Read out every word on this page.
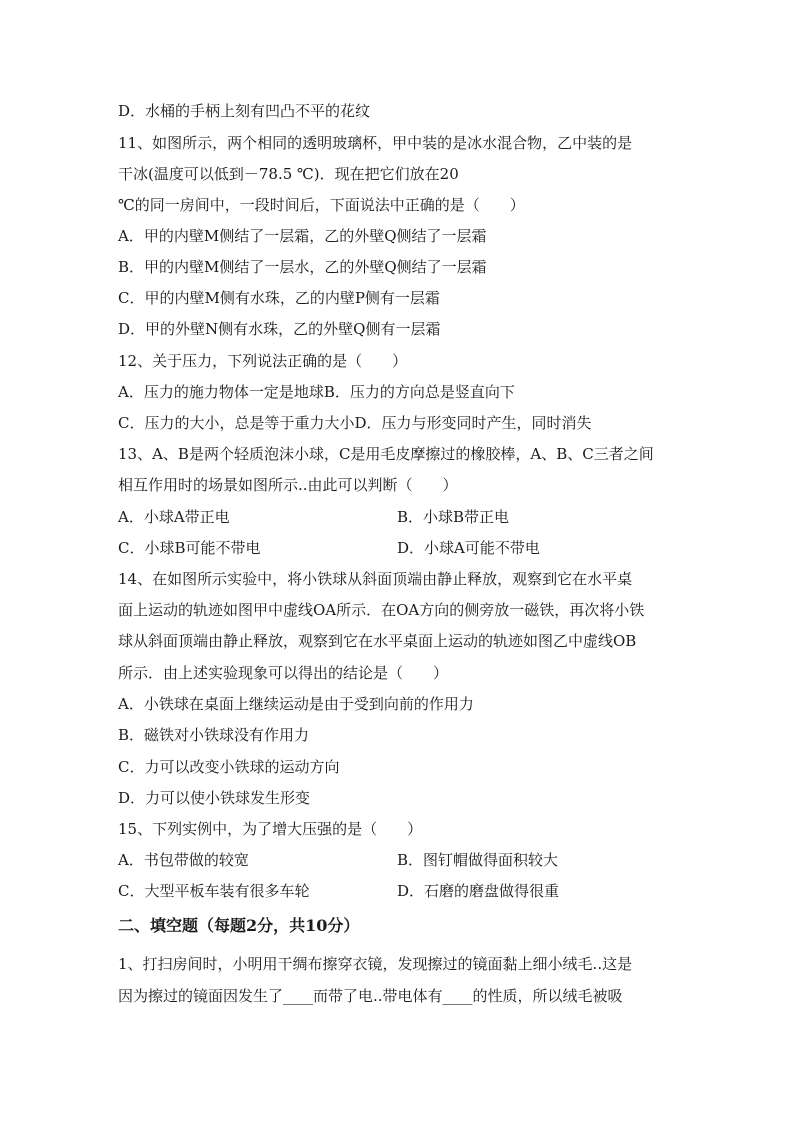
D．水桶的手柄上刻有凹凸不平的花纹
11、如图所示，两个相同的透明玻璃杯，甲中装的是冰水混合物，乙中装的是
干冰(温度可以低到－78.5 ℃)．现在把它们放在20
℃的同一房间中，一段时间后，下面说法中正确的是（　　）
A．甲的内壁M侧结了一层霜，乙的外壁Q侧结了一层霜
B．甲的内壁M侧结了一层水，乙的外壁Q侧结了一层霜
C．甲的内壁M侧有水珠，乙的内壁P侧有一层霜
D．甲的外壁N侧有水珠，乙的外壁Q侧有一层霜
12、关于压力，下列说法正确的是（　　）
A．压力的施力物体一定是地球B．压力的方向总是竖直向下
C．压力的大小，总是等于重力大小D．压力与形变同时产生，同时消失
13、A、B是两个轻质泡沫小球，C是用毛皮摩擦过的橡胶棒，A、B、C三者之间
相互作用时的场景如图所示..由此可以判断（　　）
A．小球A带正电	B．小球B带正电
C．小球B可能不带电	D．小球A可能不带电
14、在如图所示实验中，将小铁球从斜面顶端由静止释放，观察到它在水平桌
面上运动的轨迹如图甲中虚线OA所示．在OA方向的侧旁放一磁铁，再次将小铁
球从斜面顶端由静止释放，观察到它在水平桌面上运动的轨迹如图乙中虚线OB
所示．由上述实验现象可以得出的结论是（　　）
A．小铁球在桌面上继续运动是由于受到向前的作用力
B．磁铁对小铁球没有作用力
C．力可以改变小铁球的运动方向
D．力可以使小铁球发生形变
15、下列实例中，为了增大压强的是（　　）
A．书包带做的较宽	B．图钉帽做得面积较大
C．大型平板车装有很多车轮	D．石磨的磨盘做得很重
二、填空题（每题2分，共10分）
1、打扫房间时，小明用干绸布擦穿衣镜，发现擦过的镜面黏上细小绒毛..这是
因为擦过的镜面因发生了____而带了电..带电体有____的性质，所以绒毛被吸
